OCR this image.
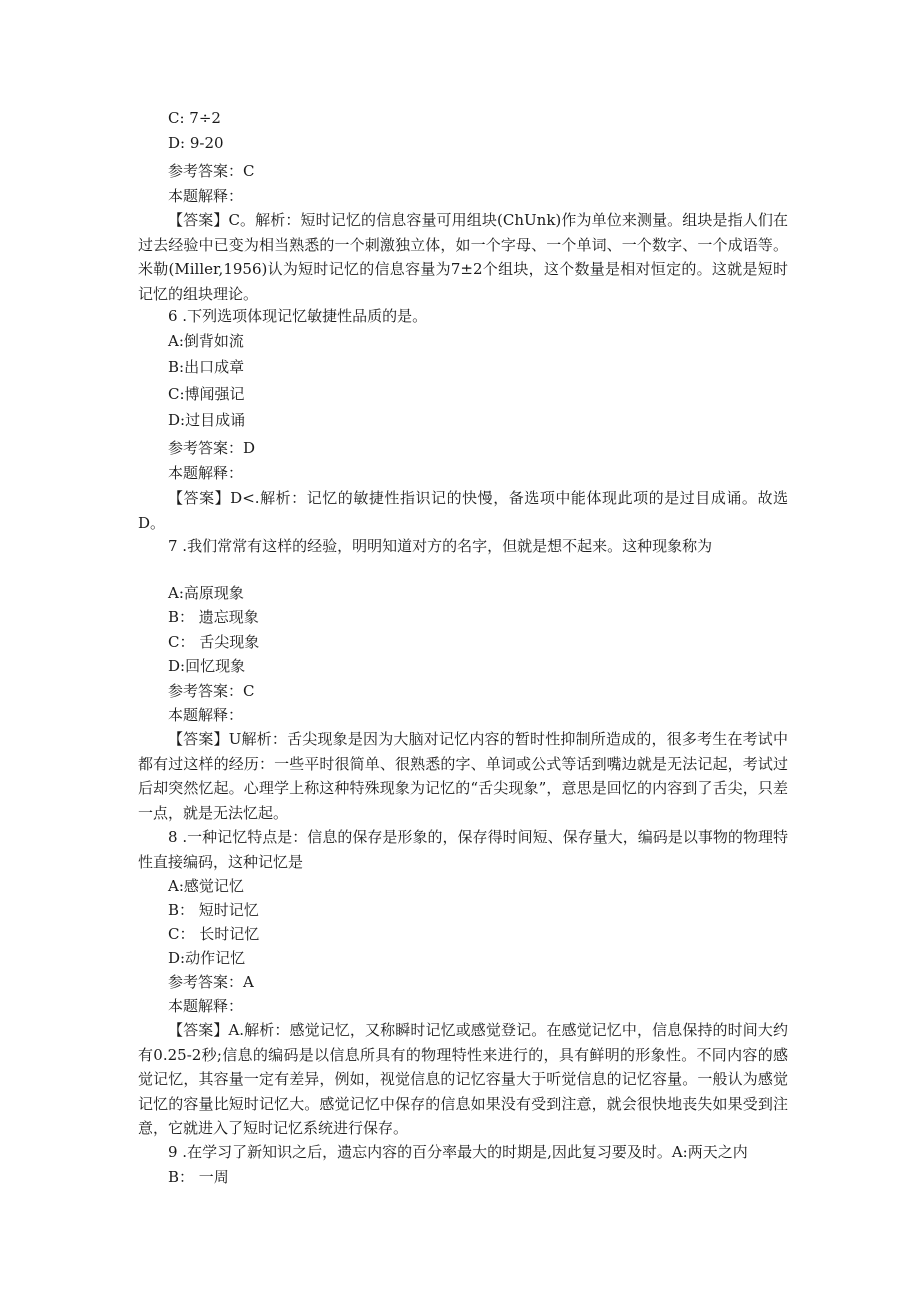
C: 7÷2
D: 9-20
参考答案：C
本题解释：
【答案】C。解析：短时记忆的信息容量可用组块(ChUnk)作为单位来测量。组块是指人们在过去经验中已变为相当熟悉的一个刺激独立体，如一个字母、一个单词、一个数字、一个成语等。米勒(Miller,1956)认为短时记忆的信息容量为7±2个组块，这个数量是相对恒定的。这就是短时记忆的组块理论。
6 .下列选项体现记忆敏捷性品质的是。
A:倒背如流
B:出口成章
C:博闻强记
D:过目成诵
参考答案：D
本题解释：
【答案】D<.解析：记忆的敏捷性指识记的快慢，备选项中能体现此项的是过目成诵。故选D。
7 .我们常常有这样的经验，明明知道对方的名字，但就是想不起来。这种现象称为
A:高原现象
B： 遗忘现象
C： 舌尖现象
D:回忆现象
参考答案：C
本题解释：
【答案】U解析：舌尖现象是因为大脑对记忆内容的暂时性抑制所造成的，很多考生在考试中都有过这样的经历：一些平时很简单、很熟悉的字、单词或公式等话到嘴边就是无法记起，考试过后却突然忆起。心理学上称这种特殊现象为记忆的“舌尖现象”，意思是回忆的内容到了舌尖，只差一点，就是无法忆起。
8 .一种记忆特点是：信息的保存是形象的，保存得时间短、保存量大，编码是以事物的物理特性直接编码，这种记忆是
A:感觉记忆
B： 短时记忆
C： 长时记忆
D:动作记忆
参考答案：A
本题解释：
【答案】A.解析：感觉记忆，又称瞬时记忆或感觉登记。在感觉记忆中，信息保持的时间大约有0.25-2秒;信息的编码是以信息所具有的物理特性来进行的，具有鲜明的形象性。不同内容的感觉记忆，其容量一定有差异，例如，视觉信息的记忆容量大于听觉信息的记忆容量。一般认为感觉记忆的容量比短时记忆大。感觉记忆中保存的信息如果没有受到注意，就会很快地丧失如果受到注意，它就进入了短时记忆系统进行保存。
9 .在学习了新知识之后，遗忘内容的百分率最大的时期是,因此复习要及时。A:两天之内
B： 一周
